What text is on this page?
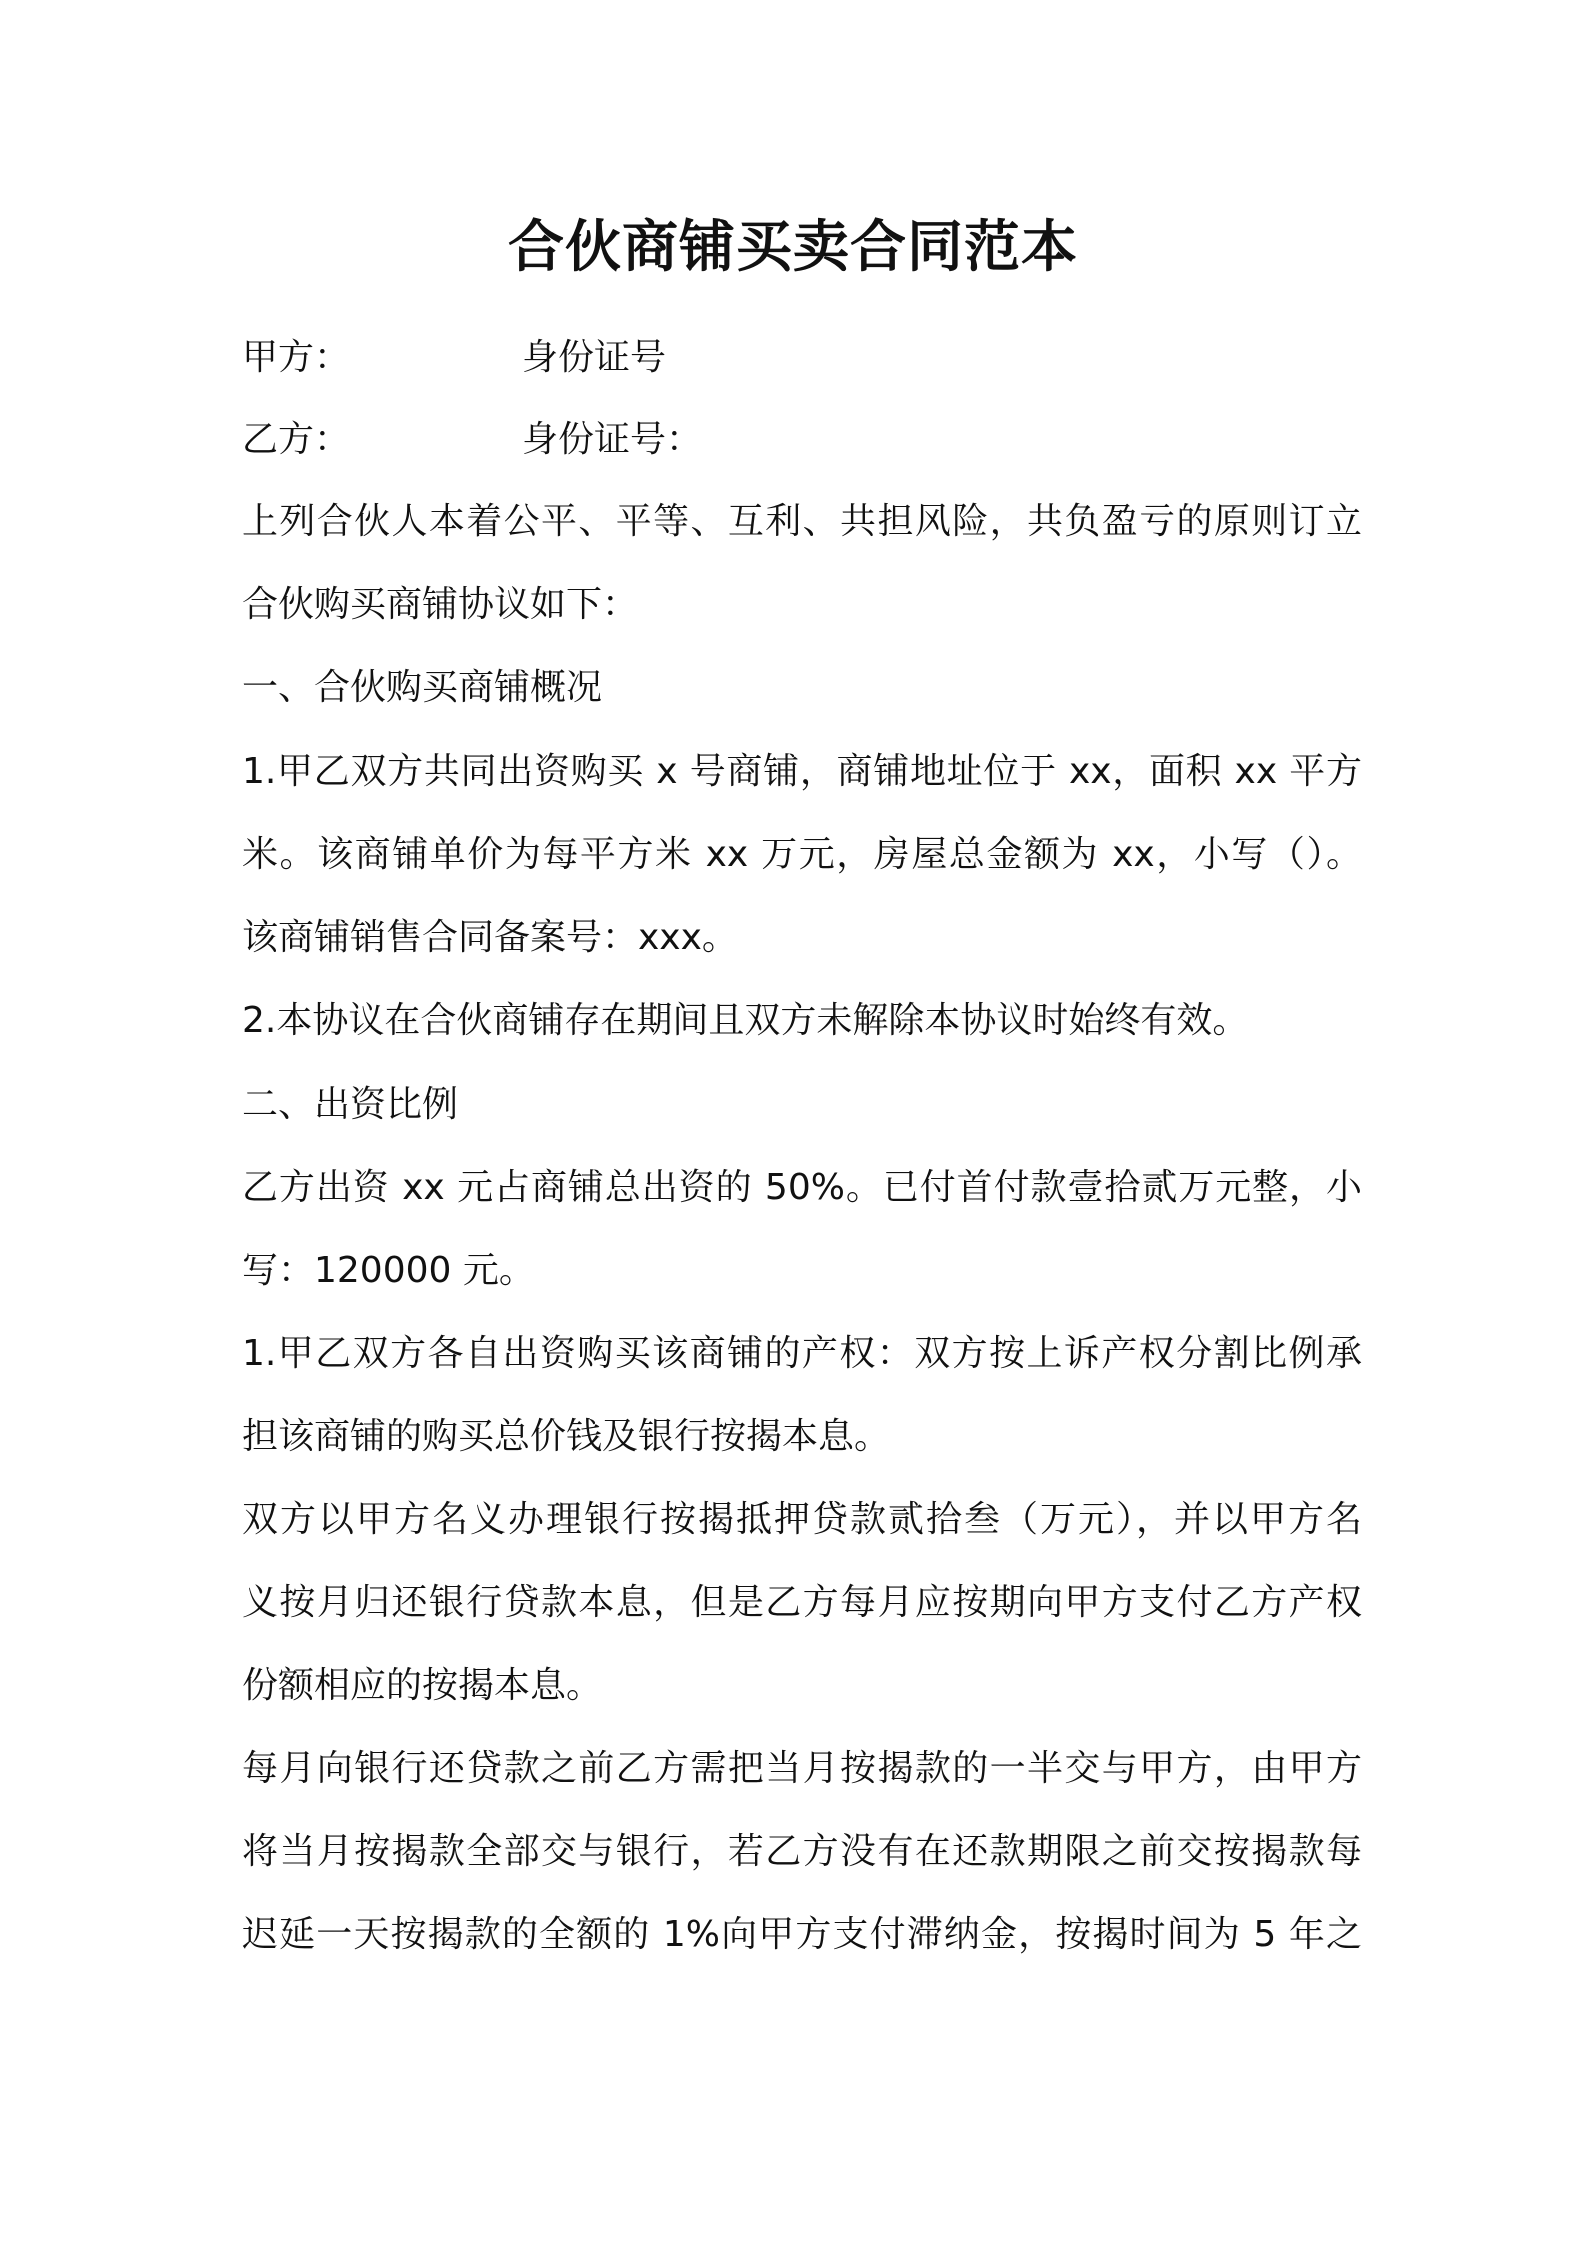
合伙商铺买卖合同范本
甲方：	身份证号
乙方：	身份证号：
上列合伙人本着公平、平等、互利、共担风险，共负盈亏的原则订立
合伙购买商铺协议如下：
一、合伙购买商铺概况
1.甲乙双方共同出资购买 x 号商铺，商铺地址位于 xx，面积 xx 平方
米。该商铺单价为每平方米 xx 万元，房屋总金额为 xx，小写（）。
该商铺销售合同备案号：xxx。
2.本协议在合伙商铺存在期间且双方未解除本协议时始终有效。
二、出资比例
乙方出资 xx 元占商铺总出资的 50%。已付首付款壹拾贰万元整，小
写：120000 元。
1.甲乙双方各自出资购买该商铺的产权：双方按上诉产权分割比例承
担该商铺的购买总价钱及银行按揭本息。
双方以甲方名义办理银行按揭抵押贷款贰拾叁（万元），并以甲方名
义按月归还银行贷款本息，但是乙方每月应按期向甲方支付乙方产权
份额相应的按揭本息。
每月向银行还贷款之前乙方需把当月按揭款的一半交与甲方，由甲方
将当月按揭款全部交与银行，若乙方没有在还款期限之前交按揭款每
迟延一天按揭款的全额的 1%向甲方支付滞纳金，按揭时间为 5 年之
